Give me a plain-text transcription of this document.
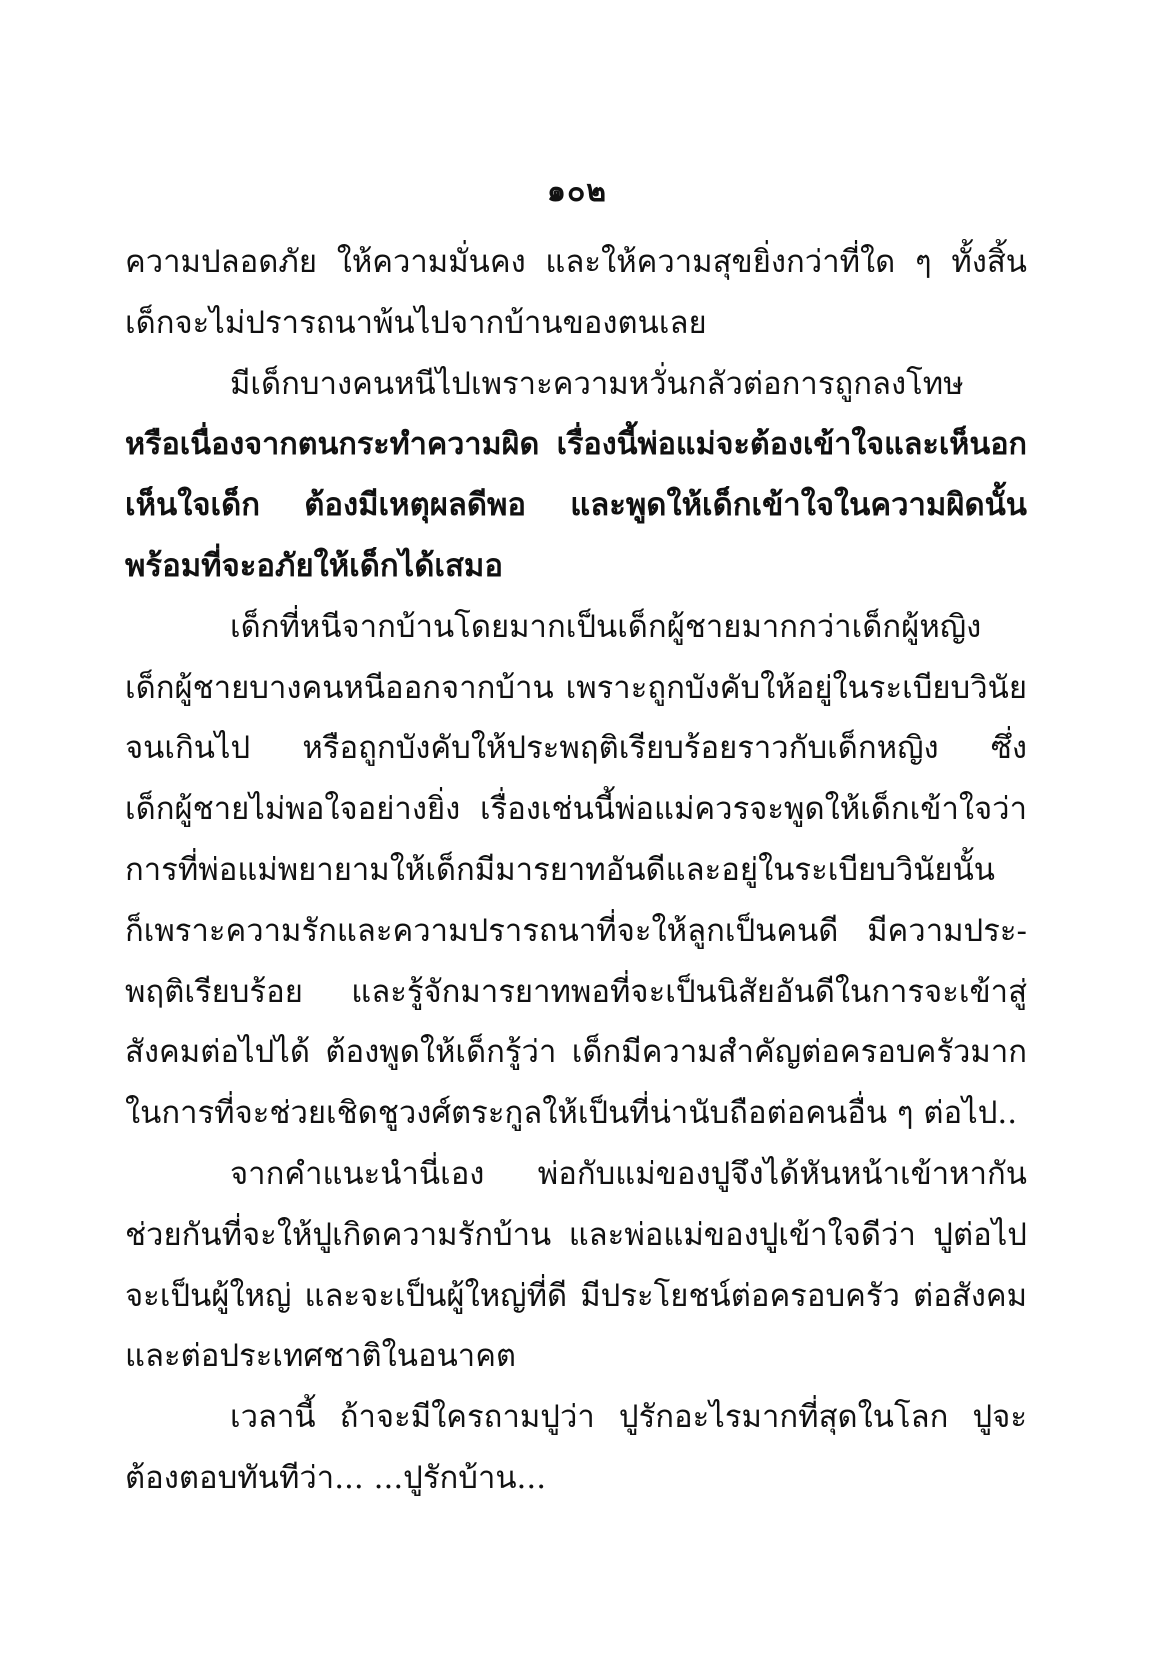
๑๐๒
ความปลอดภัย ให้ความมั่นคง และให้ความสุขยิ่งกว่าที่ใด ๆ ทั้งสิ้น
เด็กจะไม่ปรารถนาพ้นไปจากบ้านของตนเลย
มีเด็กบางคนหนีไปเพราะความหวั่นกลัวต่อการถูกลงโทษ
หรือเนื่องจากตนกระทำความผิด เรื่องนี้พ่อแม่จะต้องเข้าใจและเห็นอก
เห็นใจเด็ก ต้องมีเหตุผลดีพอ และพูดให้เด็กเข้าใจในความผิดนั้น
พร้อมที่จะอภัยให้เด็กได้เสมอ
เด็กที่หนีจากบ้านโดยมากเป็นเด็กผู้ชายมากกว่าเด็กผู้หญิง
เด็กผู้ชายบางคนหนีออกจากบ้าน เพราะถูกบังคับให้อยู่ในระเบียบวินัย
จนเกินไป หรือถูกบังคับให้ประพฤติเรียบร้อยราวกับเด็กหญิง ซึ่ง
เด็กผู้ชายไม่พอใจอย่างยิ่ง เรื่องเช่นนี้พ่อแม่ควรจะพูดให้เด็กเข้าใจว่า
การที่พ่อแม่พยายามให้เด็กมีมารยาทอันดีและอยู่ในระเบียบวินัยนั้น
ก็เพราะความรักและความปรารถนาที่จะให้ลูกเป็นคนดี มีความประ-
พฤติเรียบร้อย และรู้จักมารยาทพอที่จะเป็นนิสัยอันดีในการจะเข้าสู่
สังคมต่อไปได้ ต้องพูดให้เด็กรู้ว่า เด็กมีความสำคัญต่อครอบครัวมาก
ในการที่จะช่วยเชิดชูวงศ์ตระกูลให้เป็นที่น่านับถือต่อคนอื่น ๆ ต่อไป..
จากคำแนะนำนี่เอง พ่อกับแม่ของปูจึงได้หันหน้าเข้าหากัน
ช่วยกันที่จะให้ปูเกิดความรักบ้าน และพ่อแม่ของปูเข้าใจดีว่า ปูต่อไป
จะเป็นผู้ใหญ่ และจะเป็นผู้ใหญ่ที่ดี มีประโยชน์ต่อครอบครัว ต่อสังคม
และต่อประเทศชาติในอนาคต
เวลานี้ ถ้าจะมีใครถามปูว่า ปูรักอะไรมากที่สุดในโลก ปูจะ
ต้องตอบทันทีว่า... ...ปูรักบ้าน...
